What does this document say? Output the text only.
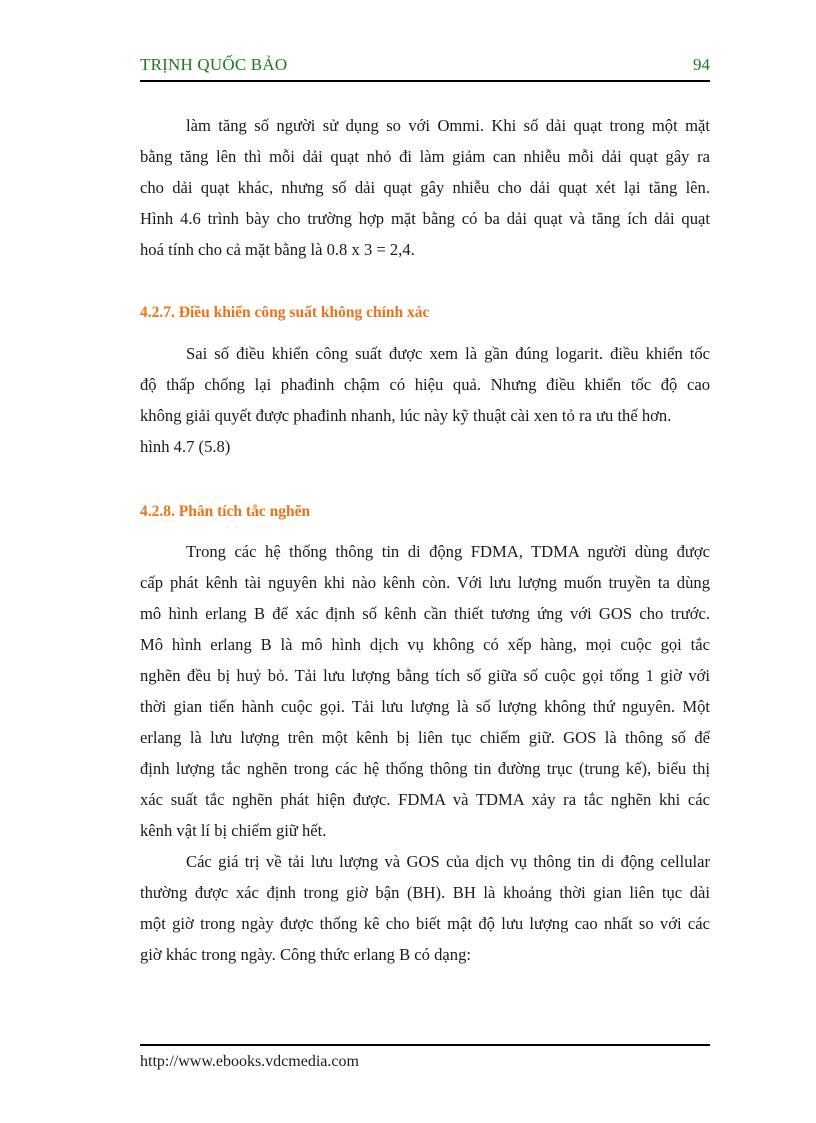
TRỊNH QUỐC BẢO	94

làm tăng số người sử dụng so với Ommi. Khi số dải quạt trong một mặt

bằng tăng lên thì mỗi dải quạt nhỏ đi làm giảm can nhiễu mỗi dải quạt gây ra

cho dải quạt khác, nhưng số dải quạt gây nhiễu cho dải quạt xét lại tăng lên.

Hình 4.6 trình bày cho trường hợp mặt bằng có ba dải quạt và tăng ích dải quạt

hoá tính cho cả mặt bằng là 0.8 x 3 = 2,4.

4.2.7. Điều khiển công suất không chính xác

Sai số điều khiển công suất được xem là gần đúng logarit. điều khiển tốc

độ thấp chống lại phađinh chậm có hiệu quả. Nhưng điều khiển tốc độ cao

không giải quyết được phađinh nhanh, lúc này kỹ thuật cài xen tỏ ra ưu thế hơn.

hình 4.7 (5.8)

4.2.8. Phân tích tắc nghẽn

Trong các hệ thống thông tin di động FDMA, TDMA người dùng được

cấp phát kênh tài nguyên khi nào kênh còn. Với lưu lượng muốn truyền ta dùng

mô hình erlang B để xác định số kênh cần thiết tương ứng với GOS cho trước.

Mô hình erlang B là mô hình dịch vụ không có xếp hàng, mọi cuộc gọi tắc

nghẽn đều bị huỷ bỏ. Tải lưu lượng bằng tích số giữa số cuộc gọi tổng 1 giờ với

thời gian tiến hành cuộc gọi. Tải lưu lượng là số lượng không thứ nguyên. Một

erlang là lưu lượng trên một kênh bị liên tục chiếm giữ. GOS là thông số để

định lượng tắc nghẽn trong các hệ thống thông tin đường trục (trung kế), biểu thị

xác suất tắc nghẽn phát hiện được. FDMA và TDMA xảy ra tắc nghẽn khi các

kênh vật lí bị chiếm giữ hết.

Các giá trị về tải lưu lượng và GOS của dịch vụ thông tin di động cellular

thường được xác định trong giờ bận (BH). BH là khoảng thời gian liên tục dài

một giờ trong ngày được thống kê cho biết mật độ lưu lượng cao nhất so với các

giờ khác trong ngày. Công thức erlang B có dạng:

http://www.ebooks.vdcmedia.com
